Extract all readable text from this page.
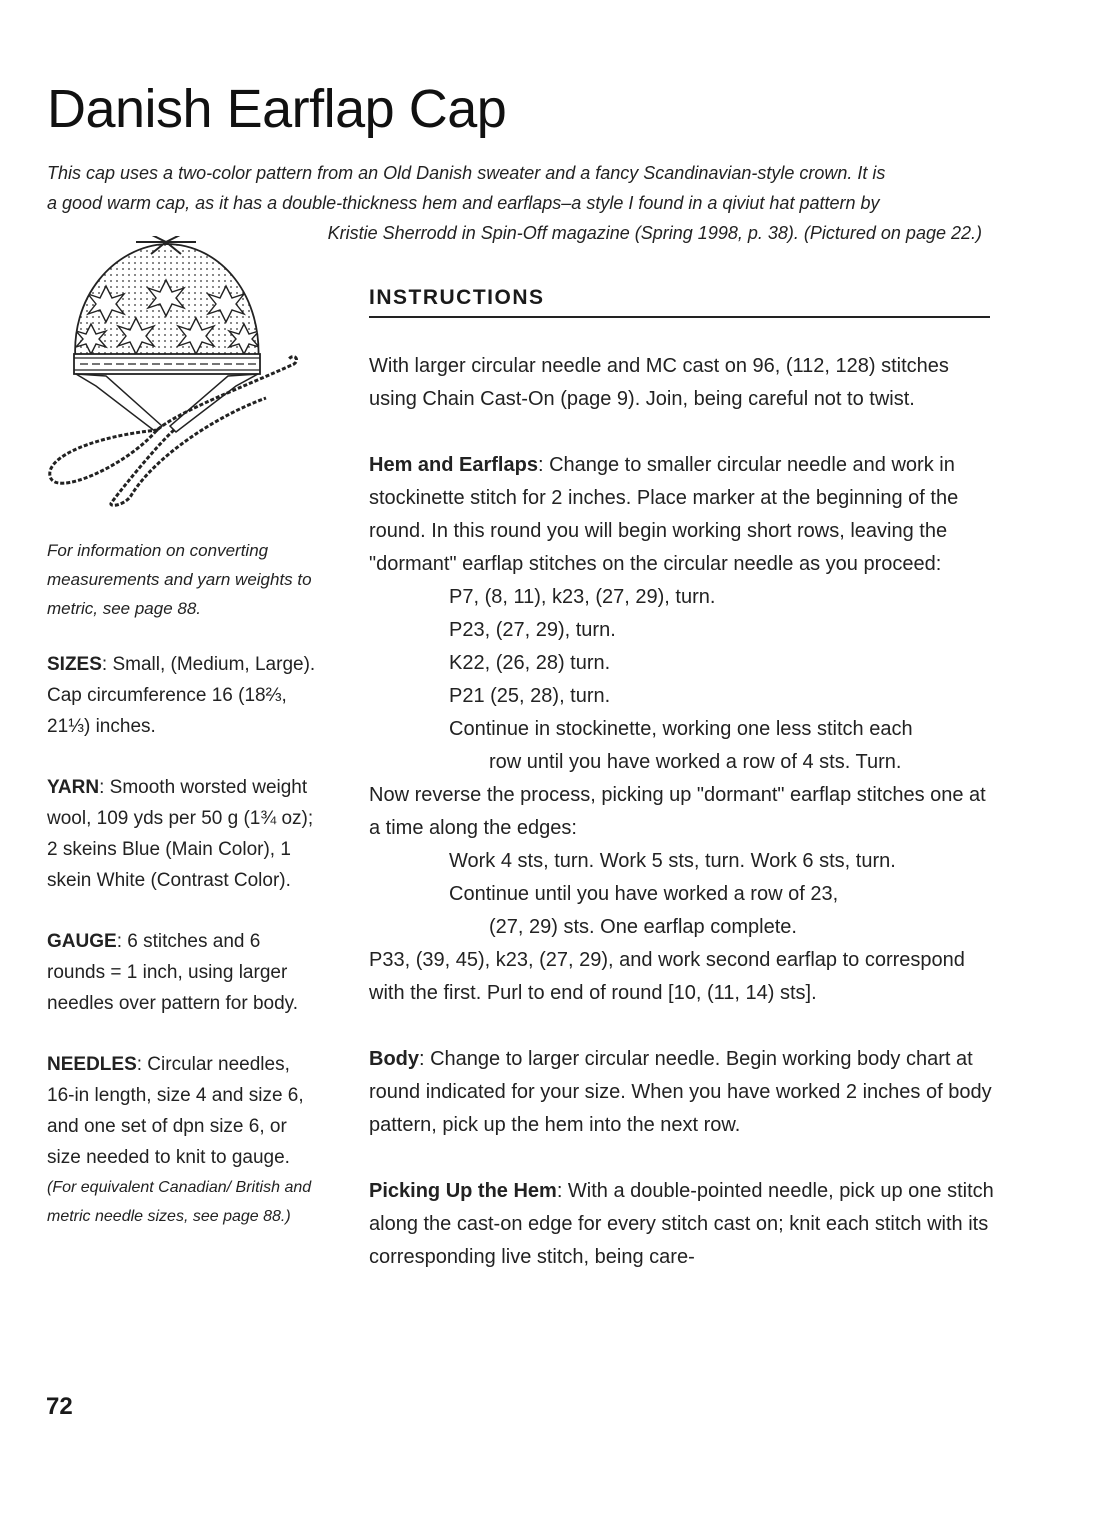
Danish Earflap Cap

This cap uses a two-color pattern from an Old Danish sweater and a fancy Scandinavian-style crown. It is

a good warm cap, as it has a double-thickness hem and earflaps–a style I found in a qiviut hat pattern by

Kristie Sherrodd in Spin-Off magazine (Spring 1998, p. 38). (Pictured on page 22.)

For information on converting measurements and yarn weights to metric, see page 88.

SIZES: Small, (Medium, Large). Cap circumference 16 (18⅔, 21⅓) inches.

YARN: Smooth worsted weight wool, 109 yds per 50 g (1¾ oz); 2 skeins Blue (Main Color), 1 skein White (Contrast Color).

GAUGE: 6 stitches and 6 rounds = 1 inch, using larger needles over pattern for body.

NEEDLES: Circular needles, 16-in length, size 4 and size 6, and one set of dpn size 6, or size needed to knit to gauge.

(For equivalent Canadian/ British and metric needle sizes, see page 88.)

72
INSTRUCTIONS

With larger circular needle and MC cast on 96, (112, 128) stitches using Chain Cast-On (page 9). Join, being careful not to twist.

Hem and Earflaps: Change to smaller circular needle and work in stockinette stitch for 2 inches. Place marker at the beginning of the round. In this round you will begin working short rows, leaving the "dormant" earflap stitches on the circular needle as you proceed:

P7, (8, 11), k23, (27, 29), turn.

P23, (27, 29), turn.

K22, (26, 28) turn.

P21 (25, 28), turn.

Continue in stockinette, working one less stitch each

row until you have worked a row of 4 sts. Turn.

Now reverse the process, picking up "dormant" earflap stitches one at a time along the edges:

Work 4 sts, turn. Work 5 sts, turn. Work 6 sts, turn.

Continue until you have worked a row of 23,

(27, 29) sts. One earflap complete.

P33, (39, 45), k23, (27, 29), and work second earflap to correspond with the first. Purl to end of round [10, (11, 14) sts].

Body: Change to larger circular needle. Begin working body chart at round indicated for your size. When you have worked 2 inches of body pattern, pick up the hem into the next row.

Picking Up the Hem: With a double-pointed needle, pick up one stitch along the cast-on edge for every stitch cast on; knit each stitch with its corresponding live stitch, being care-
